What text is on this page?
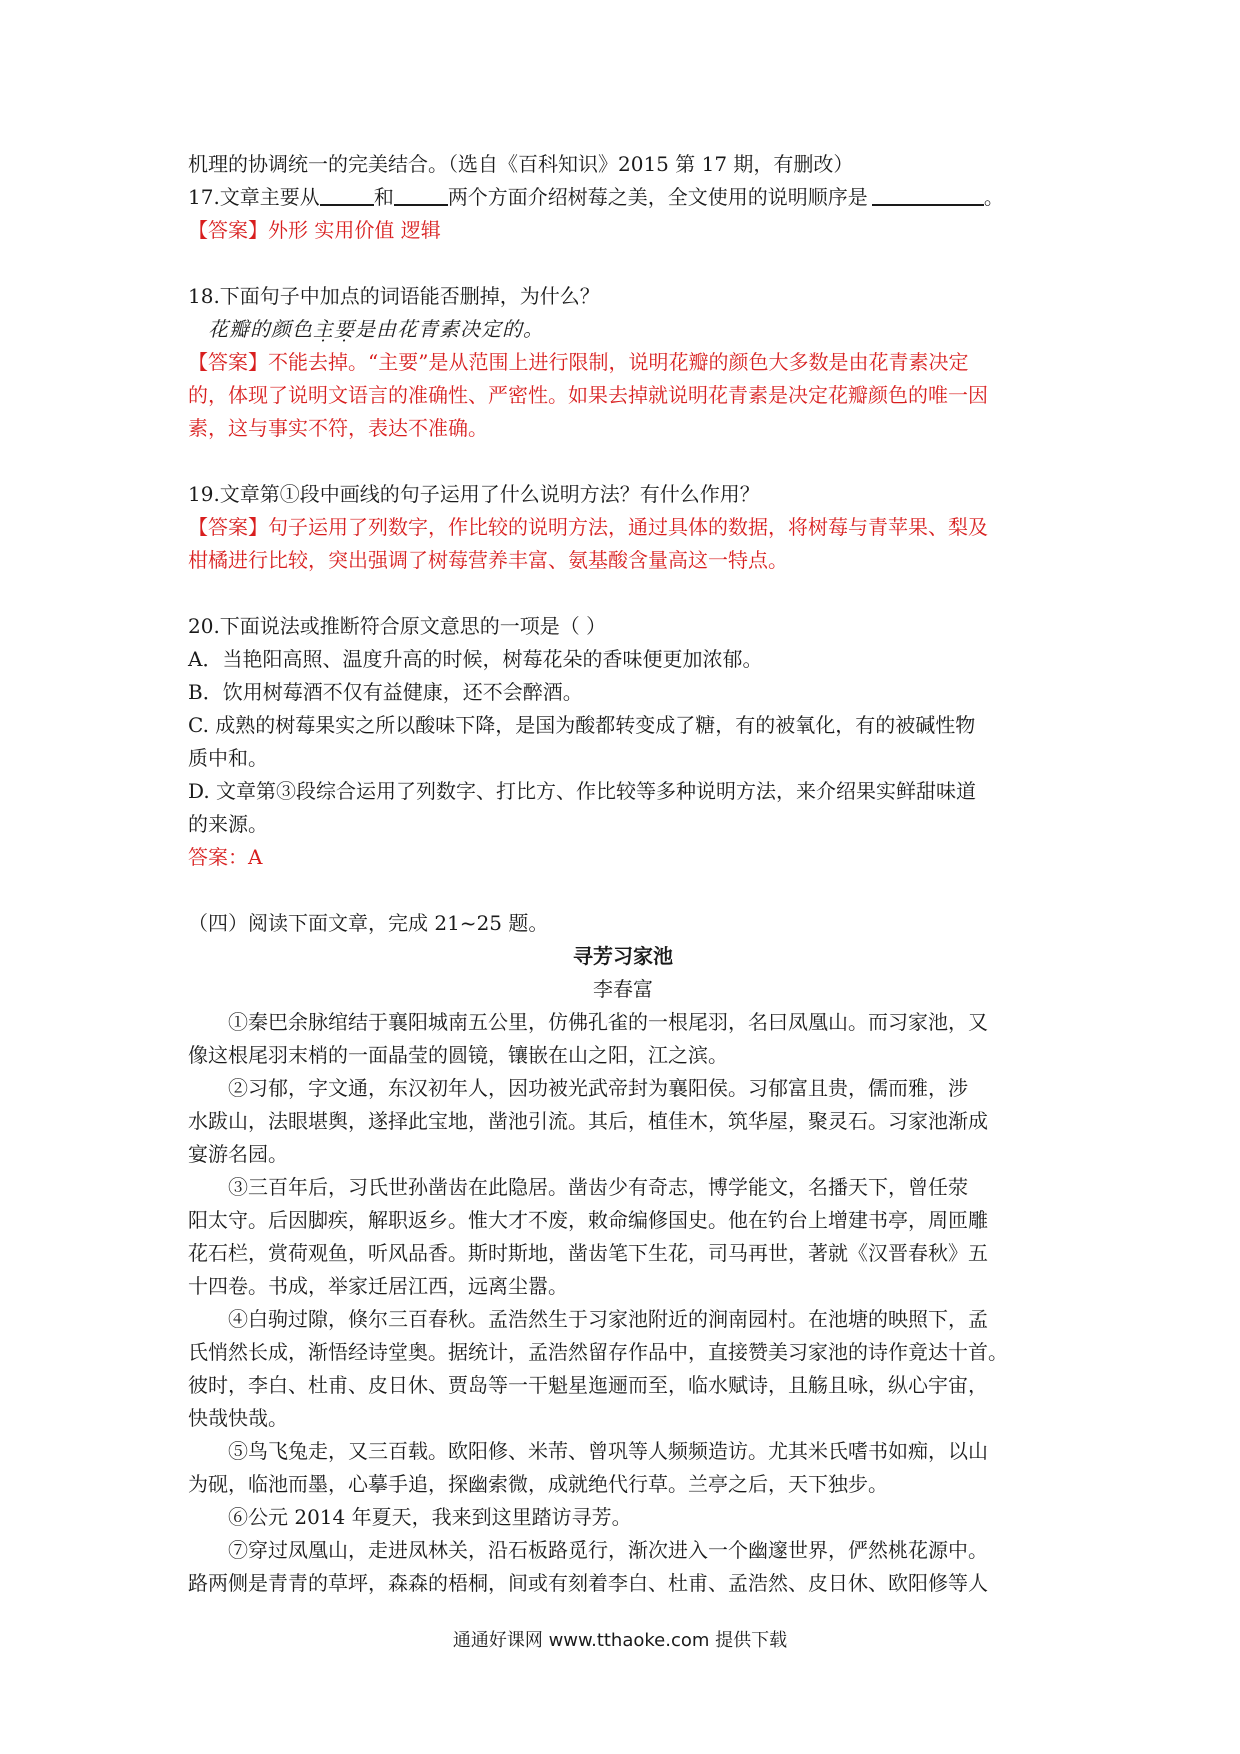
机理的协调统一的完美结合。（选自《百科知识》2015 第 17 期，有删改）

17.文章主要从	和	两个方面介绍树莓之美，全文使用的说明顺序是	。

【答案】外形 实用价值 逻辑

18.下面句子中加点的词语能否删掉，为什么？

花瓣的颜色主要是由花青素决定的。

【答案】不能去掉。“主要”是从范围上进行限制，说明花瓣的颜色大多数是由花青素决定

的，体现了说明文语言的准确性、严密性。如果去掉就说明花青素是决定花瓣颜色的唯一因

素，这与事实不符，表达不准确。

19.文章第①段中画线的句子运用了什么说明方法？有什么作用？

【答案】句子运用了列数字，作比较的说明方法，通过具体的数据，将树莓与青苹果、梨及

柑橘进行比较，突出强调了树莓营养丰富、氨基酸含量高这一特点。

20.下面说法或推断符合原文意思的一项是（ ）

A．当艳阳高照、温度升高的时候，树莓花朵的香味便更加浓郁。

B．饮用树莓酒不仅有益健康，还不会醉酒。

C. 成熟的树莓果实之所以酸味下降，是国为酸都转变成了糖，有的被氧化，有的被碱性物

质中和。

D. 文章第③段综合运用了列数字、打比方、作比较等多种说明方法，来介绍果实鲜甜味道

的来源。

答案：A

（四）阅读下面文章，完成 21~25 题。

寻芳习家池

李春富

①秦巴余脉绾结于襄阳城南五公里，仿佛孔雀的一根尾羽，名曰凤凰山。而习家池，又

像这根尾羽末梢的一面晶莹的圆镜，镶嵌在山之阳，江之滨。

②习郁，字文通，东汉初年人，因功被光武帝封为襄阳侯。习郁富且贵，儒而雅，涉

水跋山，法眼堪舆，遂择此宝地，凿池引流。其后，植佳木，筑华屋，聚灵石。习家池渐成

宴游名园。

③三百年后，习氏世孙凿齿在此隐居。凿齿少有奇志，博学能文，名播天下，曾任荥

阳太守。后因脚疾，解职返乡。惟大才不废，敕命编修国史。他在钓台上增建书亭，周匝雕

花石栏，赏荷观鱼，听风品香。斯时斯地，凿齿笔下生花，司马再世，著就《汉晋春秋》五

十四卷。书成，举家迁居江西，远离尘嚣。

④白驹过隙，倏尔三百春秋。孟浩然生于习家池附近的涧南园村。在池塘的映照下，孟

氏悄然长成，渐悟经诗堂奥。据统计，孟浩然留存作品中，直接赞美习家池的诗作竟达十首。

彼时，李白、杜甫、皮日休、贾岛等一干魁星迤逦而至，临水赋诗，且觞且咏，纵心宇宙，

快哉快哉。

⑤鸟飞兔走，又三百载。欧阳修、米芾、曾巩等人频频造访。尤其米氏嗜书如痴，以山

为砚，临池而墨，心摹手追，探幽索微，成就绝代行草。兰亭之后，天下独步。

⑥公元 2014 年夏天，我来到这里踏访寻芳。

⑦穿过凤凰山，走进凤林关，沿石板路觅行，渐次进入一个幽邃世界，俨然桃花源中。

路两侧是青青的草坪，森森的梧桐，间或有刻着李白、杜甫、孟浩然、皮日休、欧阳修等人

通通好课网 www.tthaoke.com 提供下载
